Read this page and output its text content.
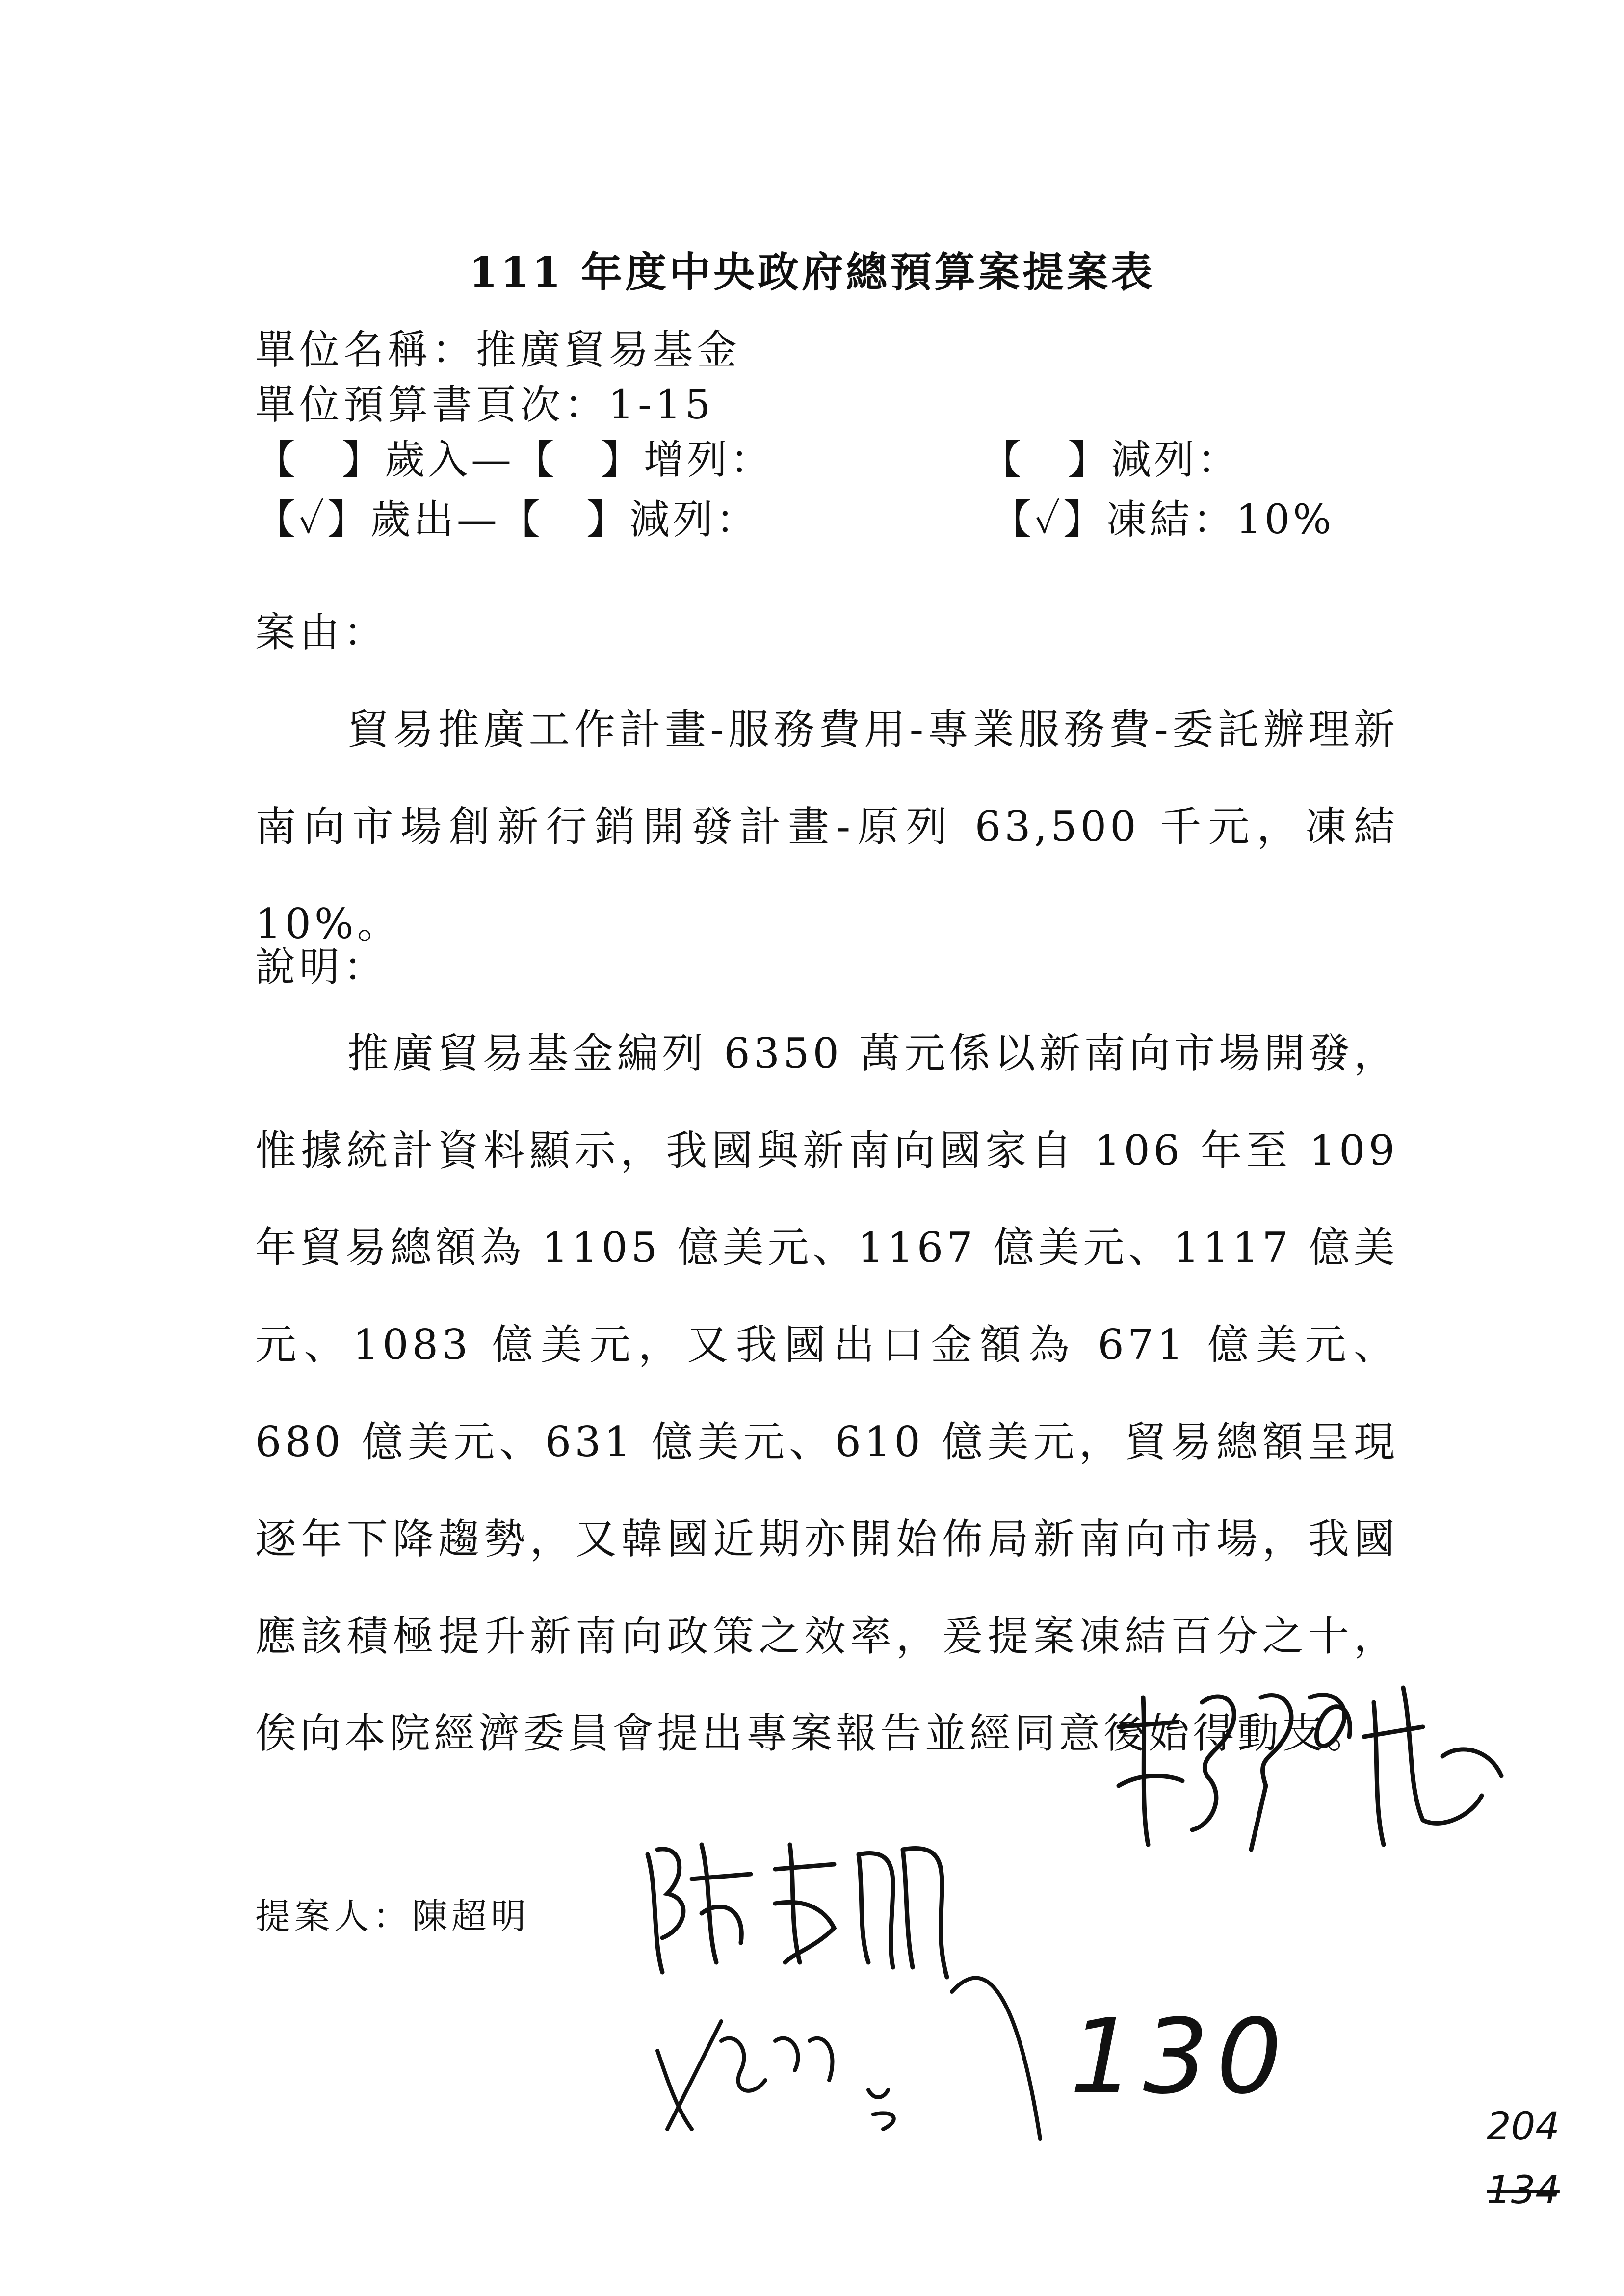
111 年度中央政府總預算案提案表
單位名稱：推廣貿易基金
單位預算書頁次：1-15
【　】歲入—【　】增列：	【　】減列：
【✓】歲出—【　】減列：	【✓】凍結：10%
案由：
貿易推廣工作計畫-服務費用-專業服務費-委託辦理新南向市場創新行銷開發計畫-原列 63,500 千元，凍結 10%。
說明：
推廣貿易基金編列 6350 萬元係以新南向市場開發，惟據統計資料顯示，我國與新南向國家自 106 年至 109 年貿易總額為 1105 億美元、1167 億美元、1117 億美元、1083 億美元，又我國出口金額為 671 億美元、680 億美元、631 億美元、610 億美元，貿易總額呈現逐年下降趨勢，又韓國近期亦開始佈局新南向市場，我國應該積極提升新南向政策之效率，爰提案凍結百分之十，俟向本院經濟委員會提出專案報告並經同意後始得動支。
提案人：陳超明
130
204
134
